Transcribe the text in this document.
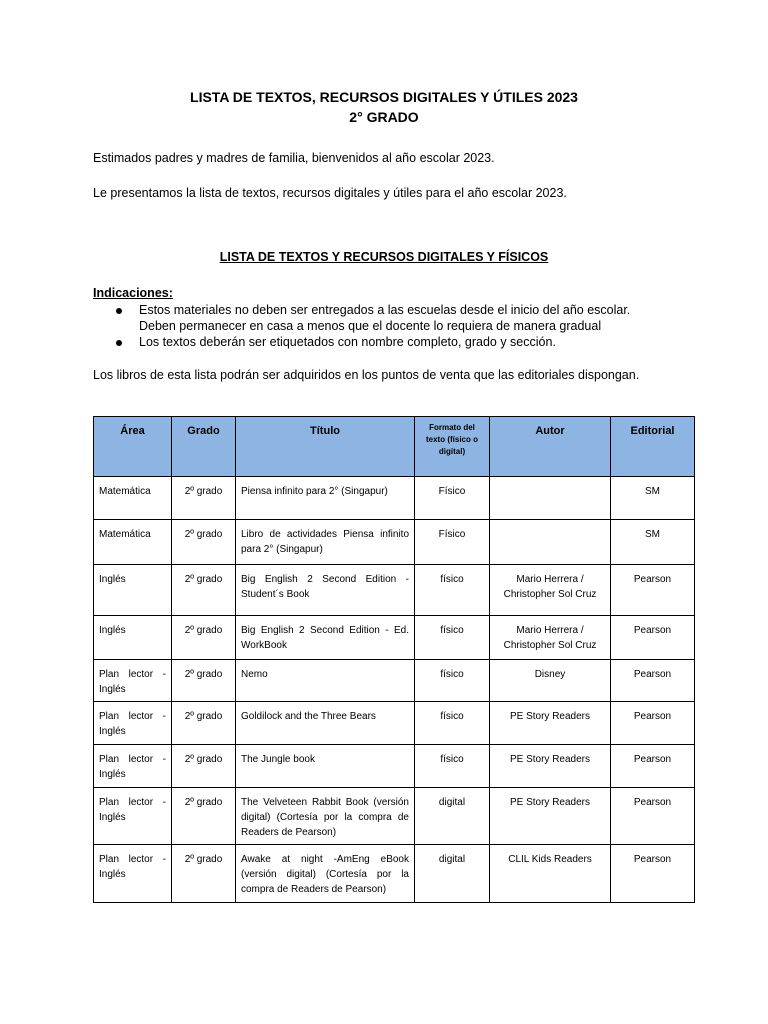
LISTA DE TEXTOS, RECURSOS DIGITALES Y ÚTILES 2023
2° GRADO
Estimados padres y madres de familia, bienvenidos al año escolar 2023.
Le presentamos la lista de textos, recursos digitales y útiles para el año escolar 2023.
LISTA DE TEXTOS Y RECURSOS DIGITALES Y FÍSICOS
Indicaciones:
Estos materiales no deben ser entregados a las escuelas desde el inicio del año escolar.
Deben permanecer en casa a menos que el docente lo requiera de manera gradual
Los textos deberán ser etiquetados con nombre completo, grado y sección.
Los libros de esta lista podrán ser adquiridos en los puntos de venta que las editoriales dispongan.
Área	Grado	Título	Formato del texto (físico o digital)	Autor	Editorial
Matemática	2º grado	Piensa infinito para 2° (Singapur)	Físico		SM
Matemática	2º grado	Libro de actividades Piensa infinito para 2° (Singapur)	Físico		SM
Inglés	2º grado	Big English 2 Second Edition - Student´s Book	físico	Mario Herrera / Christopher Sol Cruz	Pearson
Inglés	2º grado	Big English 2 Second Edition - Ed. WorkBook	físico	Mario Herrera / Christopher Sol Cruz	Pearson
Plan lector - Inglés	2º grado	Nemo	físico	Disney	Pearson
Plan lector - Inglés	2º grado	Goldilock and the Three Bears	físico	PE Story Readers	Pearson
Plan lector - Inglés	2º grado	The Jungle book	físico	PE Story Readers	Pearson
Plan lector - Inglés	2º grado	The Velveteen Rabbit Book (versión digital) (Cortesía por la compra de Readers de Pearson)	digital	PE Story Readers	Pearson
Plan lector - Inglés	2º grado	Awake at night -AmEng eBook (versión digital) (Cortesía por la compra de Readers de Pearson)	digital	CLIL Kids Readers	Pearson
